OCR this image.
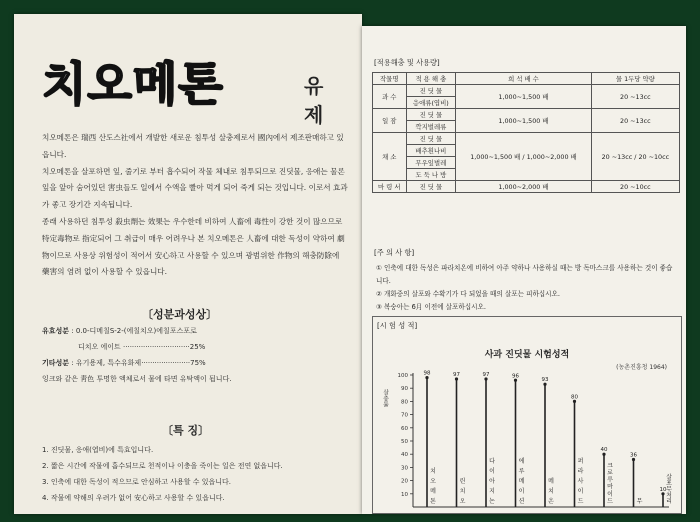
치오메톤	유제

치오메톤은 瑞西 산도스社에서 개발한 새로운 침투성 살충제로서 國內에서 제조판매하고 있읍니다.

치오메톤을 살포하면 잎, 줄기로 부터 흡수되어 작물 체내로 침투되므로 진딧물, 응애는 물론 잎을 앞아 숨어있던 害虫들도 일에서 수액을 빨아 먹게 되어 죽게 되는 것입니다. 이로서 효과가 좋고 장기간 지속됩니다.

종래 사용하던 침투성 殺虫劑는 效果는 우수한데 비하여 人畜에 毒性이 강한 것이 많으므로 特定毒物로 指定되어 그 취급이 매우 어려우나 본 치오메톤은 人畜에 대한 독성이 약하여 劇物이므로 사용상 위험성이 적어서 安心하고 사용할 수 있으며 광범위한 作物의 해충防除에 藥害의 염려 없이 사용할 수 있읍니다.

〔성분과성상〕
유효성분 : 0.0-디메칠S-2-(에칠치오)에칠포스포로
디치오 에이트 ······························25%
기타성분 : 유기용제, 특수유화제······················75%
잉크와 같은 靑色 투명한 액체로서 물에 타면 유탁액이 됩니다.
〔특 징〕

1. 진딧물, 응애(엽비)에 특효입니다.

2. 짧은 시간에 작물에 흡수되므로 천적이나 이충을 죽이는 일은 전연 없읍니다.

3. 인축에 대한 독성이 적으므로 안심하고 사용할 수 있읍니다.

4. 작물에 약해의 우려가 없어 安心하고 사용할 수 있읍니다.

[적용해충 및 사용량]
작물명	적 용 해 충	희 석 배 수	물 1두당 약량
과 수	진 딧 물	1,000~1,500 배	20 ~13cc
	응애류(엽비)		
일 잠	진 딧 물	1,000~1,500 배	20 ~13cc
	깍지벌레류		
채 소	진 딧 물	1,000~1,500 배 / 1,000~2,000 배	20 ~13cc / 20 ~10cc
	배추흰나비		
	무우잎벌레		
	도 둑 나 방		
마 령 서	진 딧 물	1,000~2,000 배	20 ~10cc
[주 의 사 항]

① 인축에 대한 독성은 파라치온에 비하여 아주 약하나 사용하실 때는 방 독마스크를 사용하는 것이 좋습니다.

② 개화중의 살포와 수확기가 다 되었을 때의 살포는 피하십시오.

③ 복숭아는 6月 이전에 살포하십시오.

[시 험 성 적]
사과 진딧물 시험성적
(농촌진흥청 1964)
살충률
10
20
30
40
50
60
70
80
90
100	98
치
오
메
톤
97
린
치
오
97
다
이
아
지
논
96
에
루
메
이
션
93
메
치
온
80
퍼
라
사
이
드
40
크
로
루
마
이
드
36
무
10
살
포
무
처
리
